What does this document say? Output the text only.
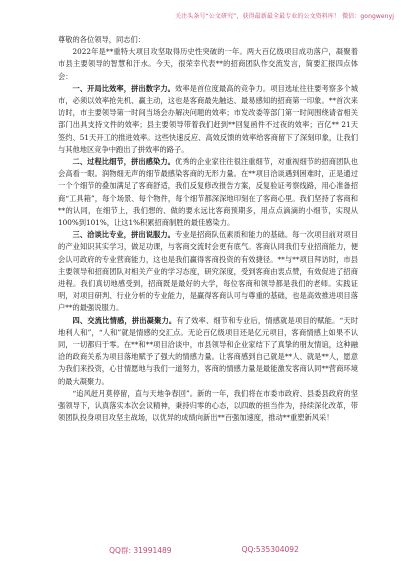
关注头条号“公文研究”，获得最新最全最专业的公文资料库！ 微信：gongwenyj

尊敬的各位领导，同志们：

2022年是**重特大项目攻坚取得历史性突破的一年。两大百亿级项目成功落户，凝聚着市县主要领导的智慧和汗水。今天，很荣幸代表**的招商团队作交流发言，简要汇报四点体会：

一、开局比效率，拼出数字力。效率是首位度最高的竞争力。项目选址往往要考察多个城市，必须以效率抢先机、赢主动，这也是客商最先触达、最易感知的招商第一印象。**首次来访时，市主要领导第一时间当场会办解决问题的效率；市发改委等部门第一时间围绕请省相关部门出具支持文件的效率；县主要领导带着我们赶到**回复函件不过夜的效率；百亿** 21天签约、51天开工的推进效率。这些快速反应、高效反馈的效率给客商留下了深刻印象，让我们与其他地区竞争中跑出了拼效率的路子。

二、过程比细节，拼出感染力。优秀的企业家往往很注重细节，对重视细节的招商团队也会高看一眼。润物细无声的细节最感染客商的无形力量。在**项目洽谈遇到困难时，正是通过一个个细节的叠加满足了客商舒适，我们反复修改报告方案，反复验证考察线路，用心准备招商“工具箱”，每个场景、每个物件，每个细节都深深地印刻在了客商心里。我们坚持了客商和**的认同，在细节上，我们想的、做的要永远比客商预期多，用点点滴滴的小细节，实现从100%到101%，让这1%积累招商制胜的最佳感染力。

三、洽谈比专业，拼出说服力。专业是招商队伍素质和能力的基础。每一次项目前对项目的产业知识其实学习，做足功课，与客商交流时会更有底气。客商认同我们专业招商能力，便会认可政府的专业营商能力，这也是我们赢得客商投资的有效捷径。**与**项目拜访时，市县主要领导和招商团队对相关产业的学习态度，研究深度，受到客商由衷点赞，有效促进了招商进程。我们真切地感受到，招商既是最好的大学，每位客商和领导都是我们的老师。实践证明，对项目研判、行业分析的专业能力，是赢得客商认可与尊重的基础，也是高效推进项目落户**的最强说服力。

四、交流比情感，拼出凝聚力。有了效率、细节和专业后，情感就是项目的赋能。“天时地利人和”，“人和”就是情感的交汇点。无论百亿级项目还是亿元项目，客商情感上如果不认同，一切都归于零。在**和**项目洽谈中，市县领导和企业家结下了真挚的朋友情谊，这种融洽的政商关系为项目落地赋予了强大的情感力量。让客商感到自己就是**人、就是**人，愿意为我们来投资，心甘情愿地与我们一道努力，客商的情感力量是最能激发客商认同**营商环境的最大凝聚力。

“追风赶月莫停留，直与天地争春回”。新的一年，我们将在市委市政府、县委县政府的坚强领导下，认真落实本次会议精神，秉持归零的心态，以四敢的担当作为，持续深化改革，带领团队投身项目攻坚主战场，以优异的成绩向新出**百强加速度，推动**重塑新风采！

QQ群: 31991489	QQ:535304092
